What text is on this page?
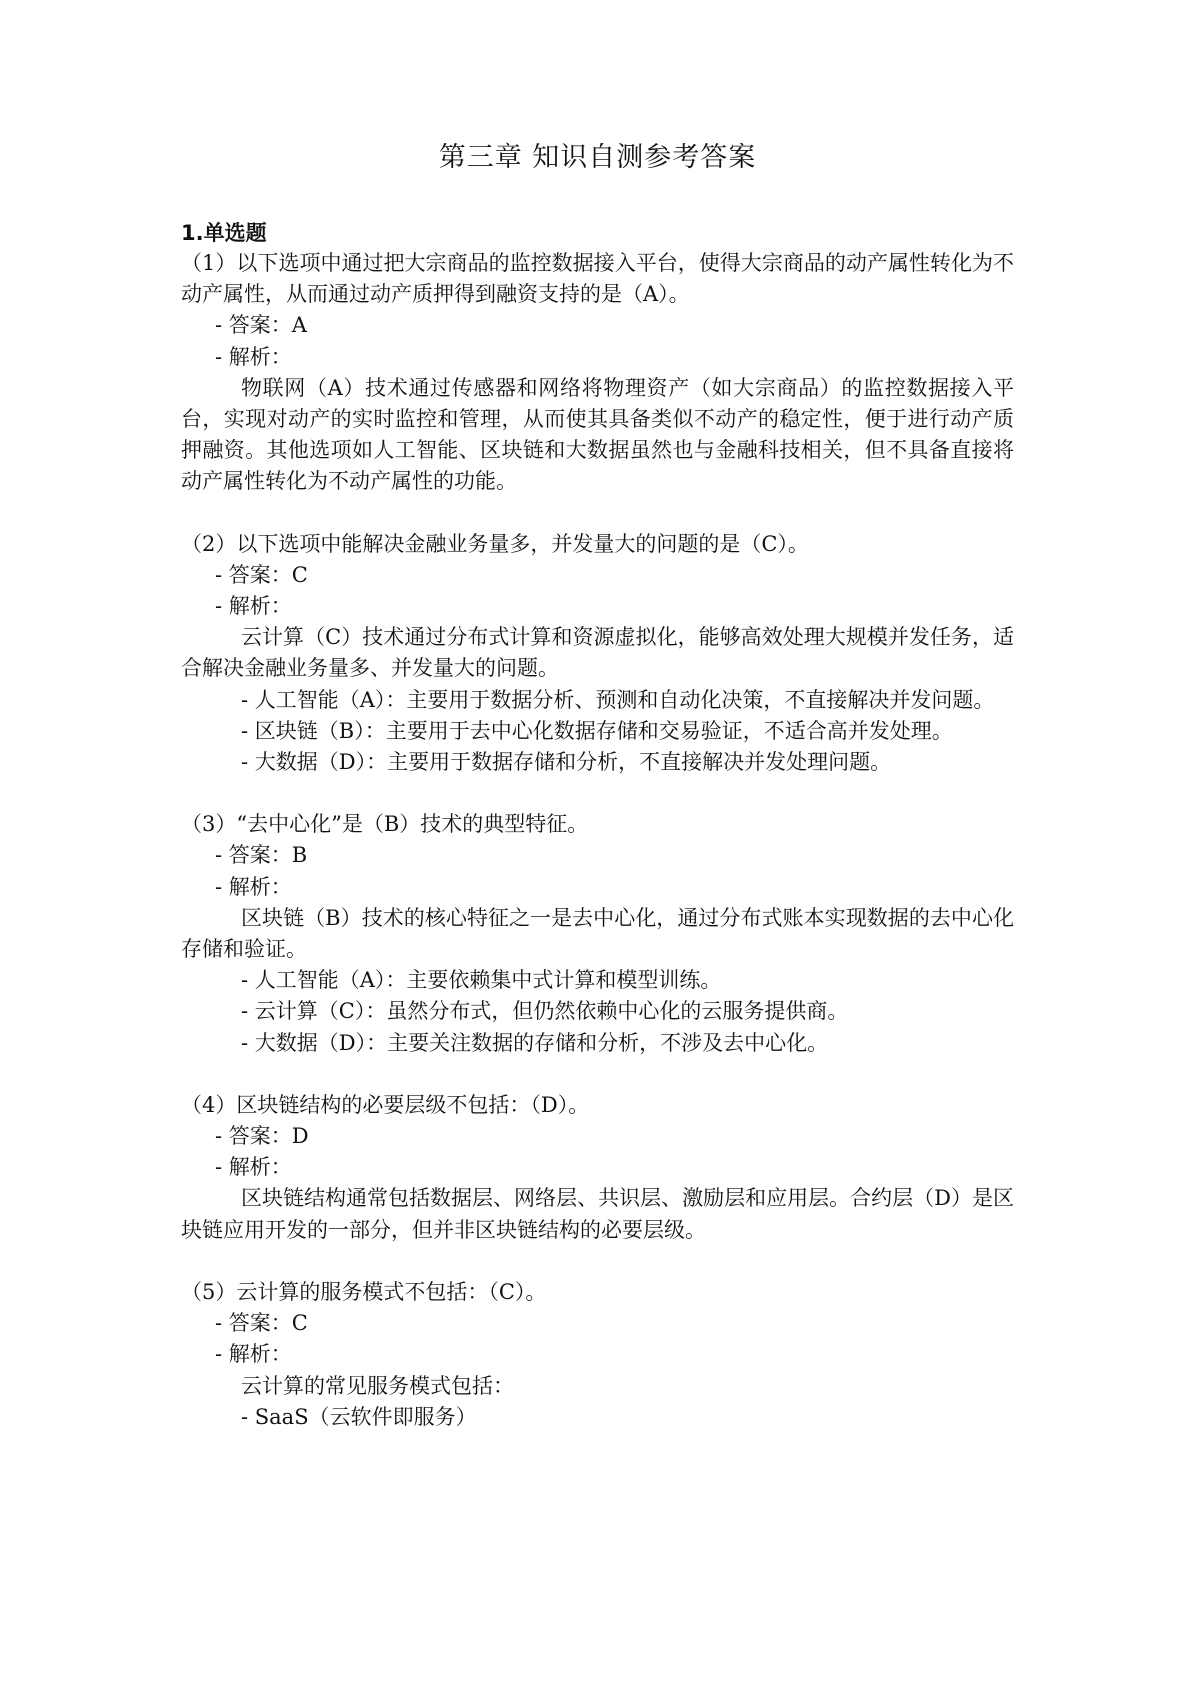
第三章 知识自测参考答案

1.单选题

（1）以下选项中通过把大宗商品的监控数据接入平台，使得大宗商品的动产属性转化为不动产属性，从而通过动产质押得到融资支持的是（A）。

- 答案：A

- 解析：

物联网（A）技术通过传感器和网络将物理资产（如大宗商品）的监控数据接入平台，实现对动产的实时监控和管理，从而使其具备类似不动产的稳定性，便于进行动产质押融资。其他选项如人工智能、区块链和大数据虽然也与金融科技相关，但不具备直接将动产属性转化为不动产属性的功能。

（2）以下选项中能解决金融业务量多，并发量大的问题的是（C）。

- 答案：C

- 解析：

云计算（C）技术通过分布式计算和资源虚拟化，能够高效处理大规模并发任务，适合解决金融业务量多、并发量大的问题。

- 人工智能（A）：主要用于数据分析、预测和自动化决策，不直接解决并发问题。

- 区块链（B）：主要用于去中心化数据存储和交易验证，不适合高并发处理。

- 大数据（D）：主要用于数据存储和分析，不直接解决并发处理问题。

（3）“去中心化”是（B）技术的典型特征。

- 答案：B

- 解析：

区块链（B）技术的核心特征之一是去中心化，通过分布式账本实现数据的去中心化存储和验证。

- 人工智能（A）：主要依赖集中式计算和模型训练。

- 云计算（C）：虽然分布式，但仍然依赖中心化的云服务提供商。

- 大数据（D）：主要关注数据的存储和分析，不涉及去中心化。

（4）区块链结构的必要层级不包括：（D）。

- 答案：D

- 解析：

区块链结构通常包括数据层、网络层、共识层、激励层和应用层。合约层（D）是区块链应用开发的一部分，但并非区块链结构的必要层级。

（5）云计算的服务模式不包括：（C）。

- 答案：C

- 解析：

云计算的常见服务模式包括：

- SaaS（云软件即服务）
